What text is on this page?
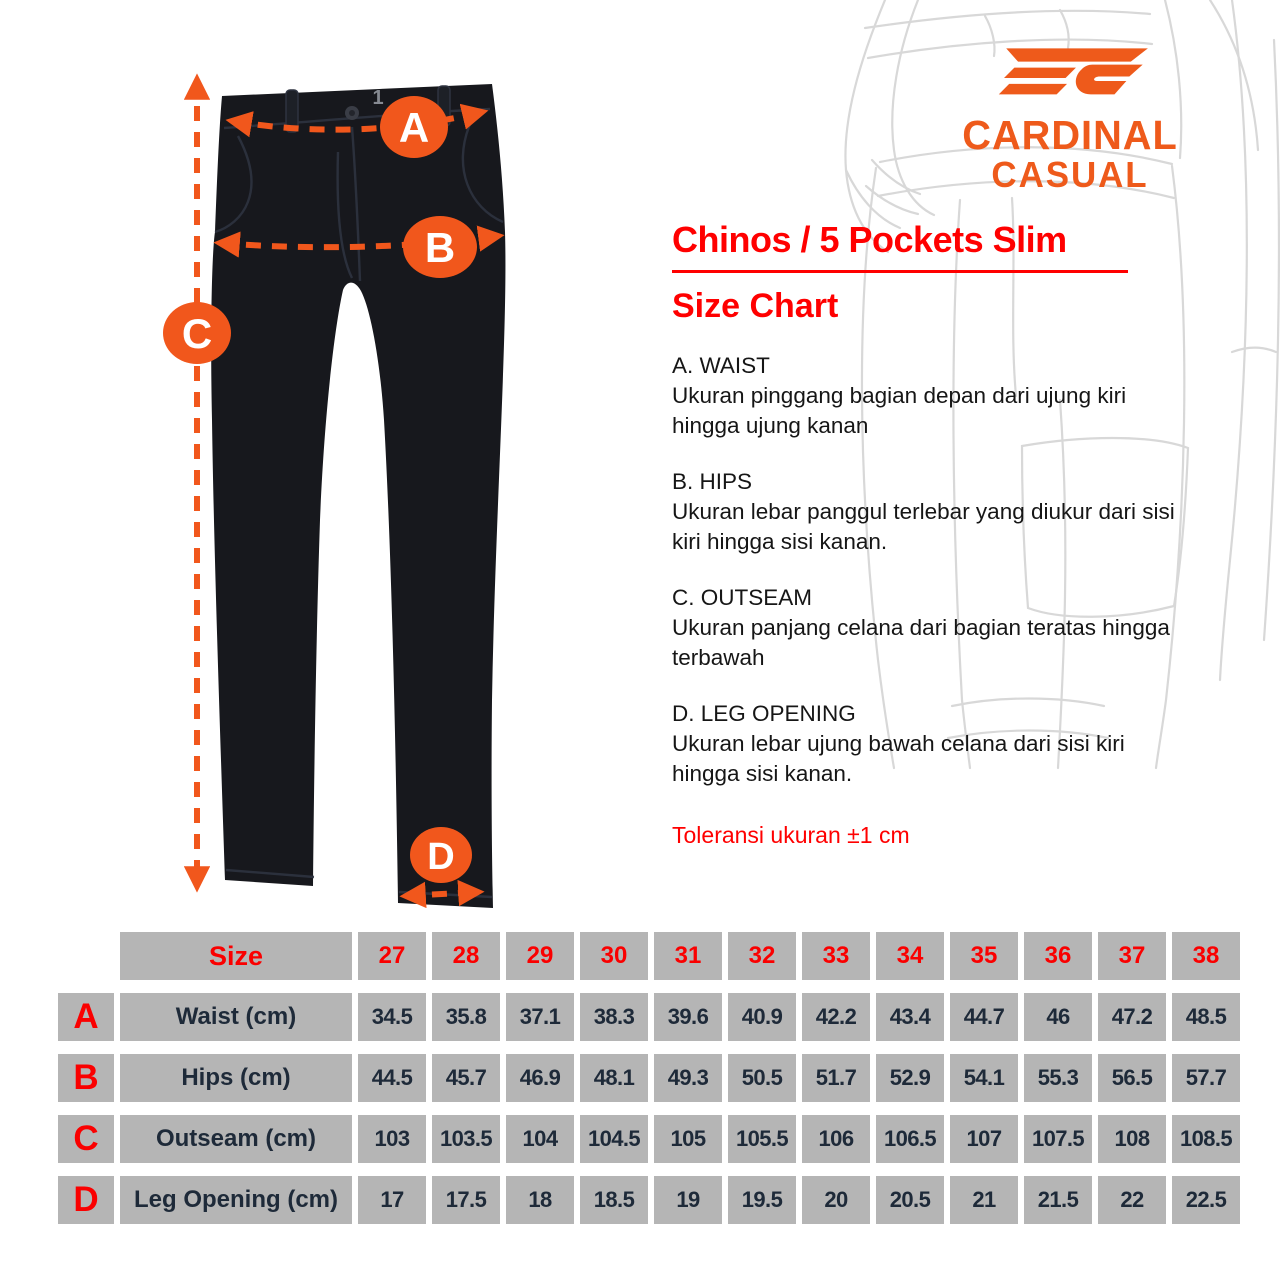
1
A
B
C
D
CARDINAL
CASUAL
Chinos / 5 Pockets Slim
Size Chart
A. WAIST
Ukuran pinggang bagian depan dari ujung kiri hingga ujung kanan
B. HIPS
Ukuran lebar panggul terlebar yang diukur dari sisi kiri hingga sisi kanan.
C. OUTSEAM
Ukuran panjang celana dari bagian teratas hingga terbawah
D. LEG OPENING
Ukuran lebar ujung bawah celana dari sisi kiri hingga sisi kanan.
Toleransi ukuran ±1 cm
Size	27	28	29	30	31	32	33	34	35	36	37	38
A	Waist (cm)	34.5	35.8	37.1	38.3	39.6	40.9	42.2	43.4	44.7	46	47.2	48.5
B	Hips (cm)	44.5	45.7	46.9	48.1	49.3	50.5	51.7	52.9	54.1	55.3	56.5	57.7
C	Outseam (cm)	103	103.5	104	104.5	105	105.5	106	106.5	107	107.5	108	108.5
D	Leg Opening (cm)	17	17.5	18	18.5	19	19.5	20	20.5	21	21.5	22	22.5
